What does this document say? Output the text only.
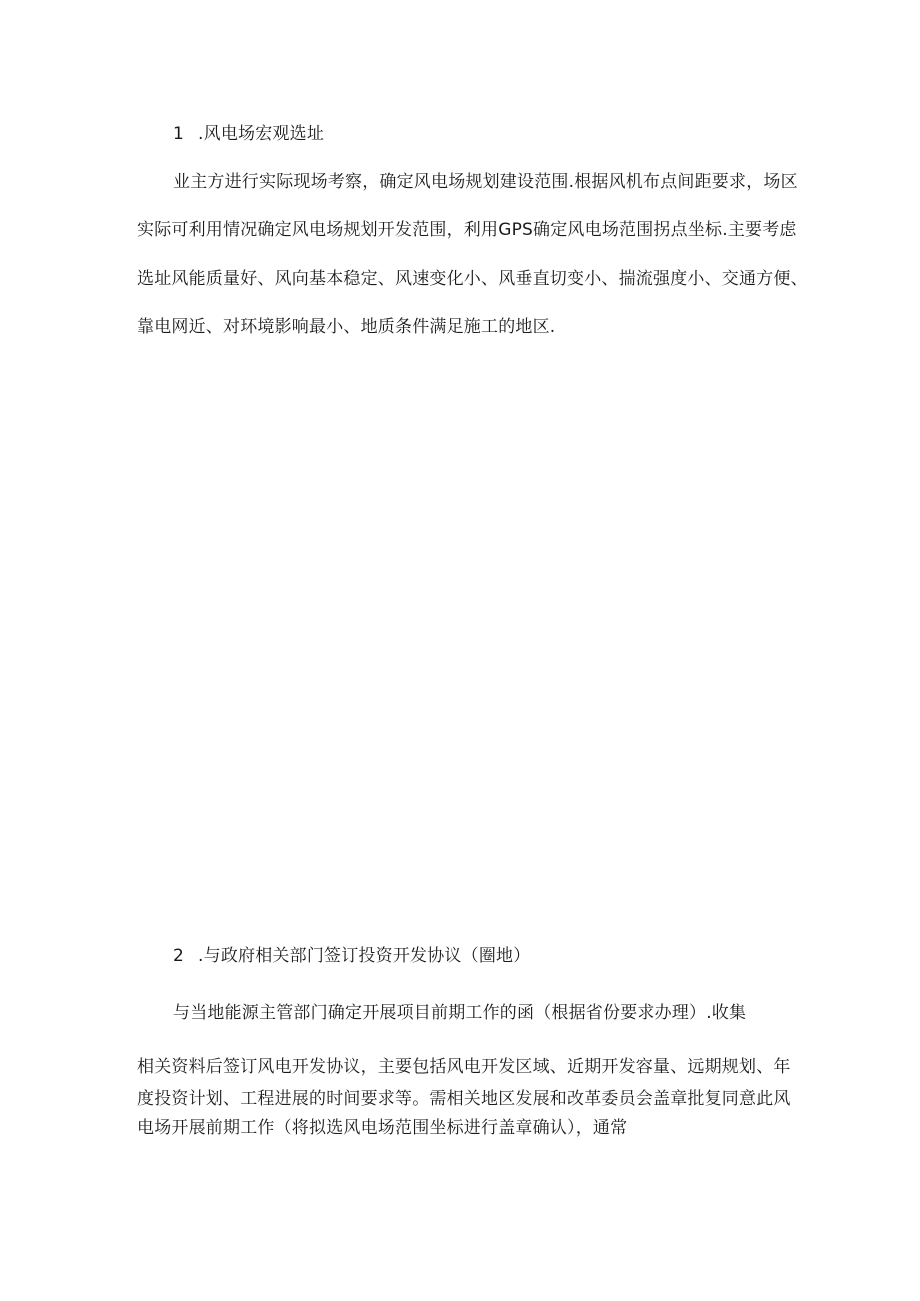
1 .风电场宏观选址
业主方进行实际现场考察，确定风电场规划建设范围.根据风机布点间距要求，场区
实际可利用情况确定风电场规划开发范围，利用GPS确定风电场范围拐点坐标.主要考虑
选址风能质量好、风向基本稳定、风速变化小、风垂直切变小、揣流强度小、交通方便、
靠电网近、对环境影响最小、地质条件满足施工的地区.
2 .与政府相关部门签订投资开发协议（圈地）
与当地能源主管部门确定开展项目前期工作的函（根据省份要求办理）.收集
相关资料后签订风电开发协议，主要包括风电开发区域、近期开发容量、远期规划、年
度投资计划、工程进展的时间要求等。需相关地区发展和改革委员会盖章批复同意此风
电场开展前期工作（将拟选风电场范围坐标进行盖章确认），通常
